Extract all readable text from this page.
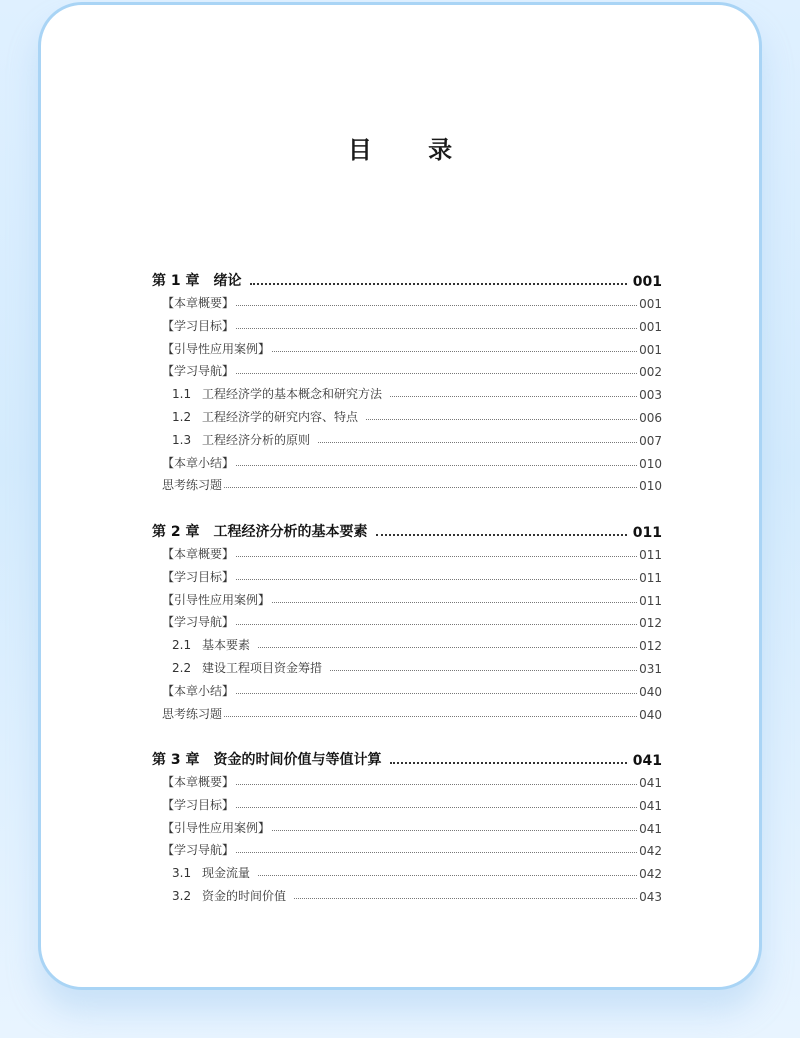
目 录
第 1 章 绪论	001
【本章概要】	001
【学习目标】	001
【引导性应用案例】	001
【学习导航】	002
1.1 工程经济学的基本概念和研究方法	003
1.2 工程经济学的研究内容、特点	006
1.3 工程经济分析的原则	007
【本章小结】	010
思考练习题	010
第 2 章 工程经济分析的基本要素	011
【本章概要】	011
【学习目标】	011
【引导性应用案例】	011
【学习导航】	012
2.1 基本要素	012
2.2 建设工程项目资金筹措	031
【本章小结】	040
思考练习题	040
第 3 章 资金的时间价值与等值计算	041
【本章概要】	041
【学习目标】	041
【引导性应用案例】	041
【学习导航】	042
3.1 现金流量	042
3.2 资金的时间价值	043
